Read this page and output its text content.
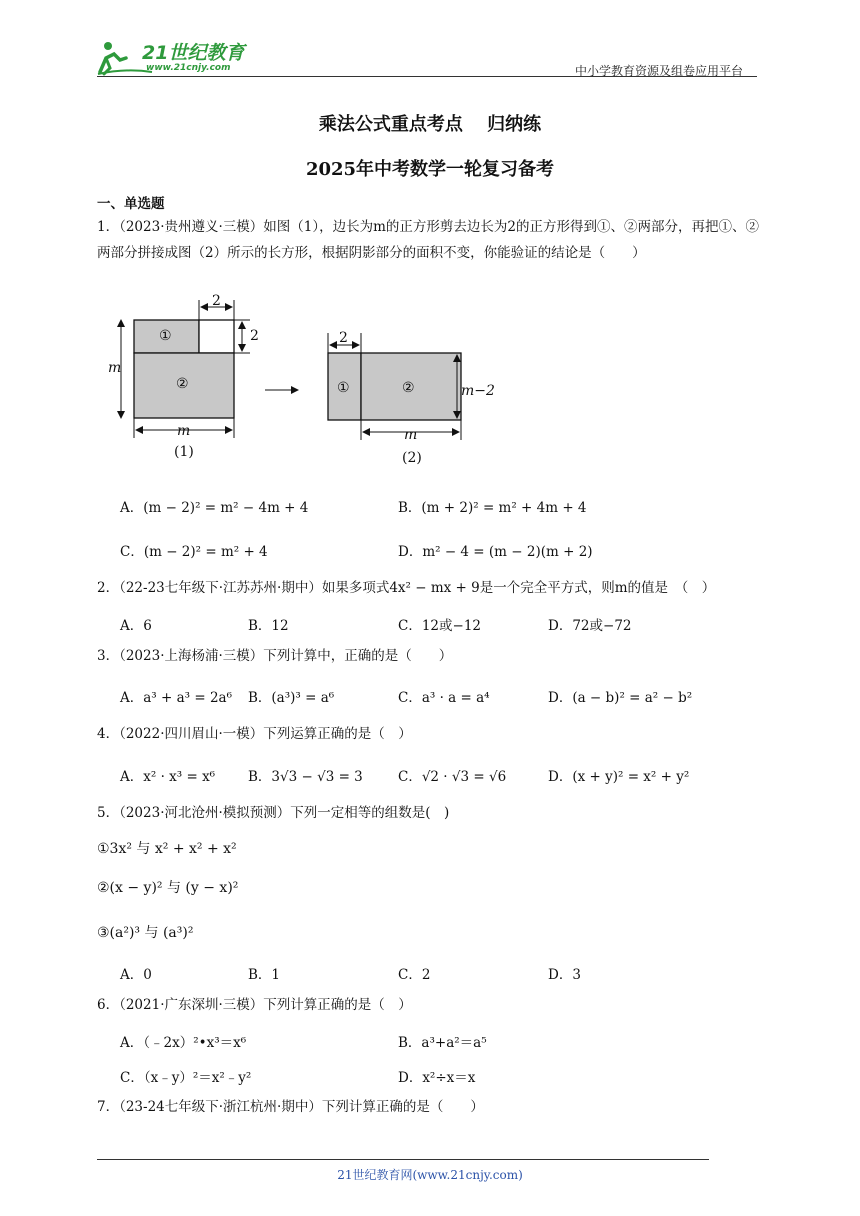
21世纪教育
www.21cnjy.com	中小学教育资源及组卷应用平台
乘法公式重点考点　 归纳练
2025年中考数学一轮复习备考
一、单选题
1．（2023·贵州遵义·三模）如图（1），边长为m的正方形剪去边长为2的正方形得到①、②两部分，再把①、②两部分拼接成图（2）所示的长方形，根据阴影部分的面积不变，你能验证的结论是（　　）
2
2
m
m
①
②
(1)
2
①	②	m−2
m
(2)
A．(m − 2)² = m² − 4m + 4	B．(m + 2)² = m² + 4m + 4
C．(m − 2)² = m² + 4	D．m² − 4 = (m − 2)(m + 2)
2．（22-23七年级下·江苏苏州·期中）如果多项式4x² − mx + 9是一个完全平方式，则m的值是　（　）
A．6	B．12	C．12或−12	D．72或−72
3．（2023·上海杨浦·三模）下列计算中，正确的是（　　）
A．a³ + a³ = 2a⁶ B．(a³)³ = a⁶	C．a³ · a = a⁴	D．(a − b)² = a² − b²
4．（2022·四川眉山·一模）下列运算正确的是（　）
A．x² · x³ = x⁶ B．3√3 − √3 = 3	C．√2 · √3 = √6	D．(x + y)² = x² + y²
5．（2023·河北沧州·模拟预测）下列一定相等的组数是(　)
①3x² 与 x² + x² + x²
②(x − y)² 与 (y − x)²
③(a²)³ 与 (a³)²
A．0	B．1	C．2	D．3
6．（2021·广东深圳·三模）下列计算正确的是（　）
A．（﹣2x）²•x³＝x⁶	B．a³+a²＝a⁵
C．（x﹣y）²＝x²﹣y²	D．x²÷x＝x
7．（23-24七年级下·浙江杭州·期中）下列计算正确的是（　　）
21世纪教育网(www.21cnjy.com)
